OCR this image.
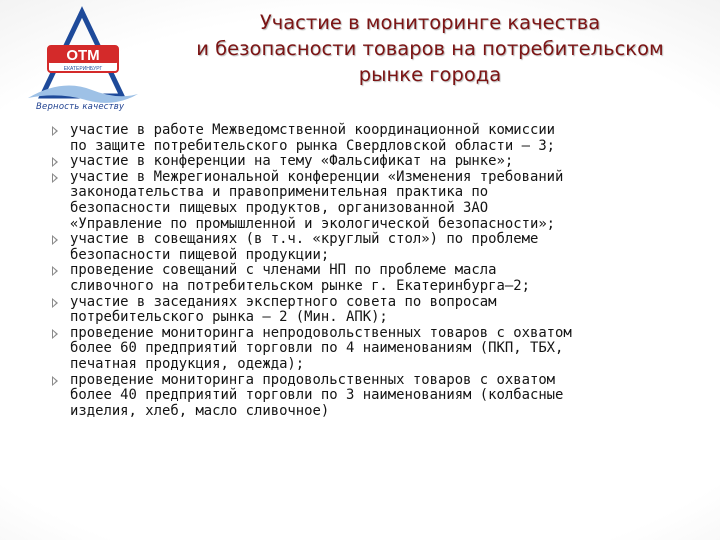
ОТМ
ЕКАТЕРИНБУРГ
Верность качеству
Участие в мониторинге качества
и безопасности товаров на потребительском
рынке города
участие в работе Межведомственной координационной комиссии
по защите потребительского рынка Свердловской области – 3;
участие в конференции на тему «Фальсификат на рынке»;
участие в Межрегиональной конференции «Изменения требований
законодательства и правоприменительная практика по
безопасности пищевых продуктов, организованной ЗАО
«Управление по промышленной и экологической безопасности»;
участие в совещаниях (в т.ч. «круглый стол») по проблеме
безопасности пищевой продукции;
проведение совещаний с членами НП по проблеме масла
сливочного на потребительском рынке г. Екатеринбурга–2;
участие в заседаниях экспертного совета по вопросам
потребительского рынка – 2 (Мин. АПК);
проведение мониторинга непродовольственных товаров с охватом
более 60 предприятий торговли по 4 наименованиям (ПКП, ТБХ,
печатная продукция, одежда);
проведение мониторинга продовольственных товаров с охватом
более 40 предприятий торговли по 3 наименованиям (колбасные
изделия, хлеб, масло сливочное)
